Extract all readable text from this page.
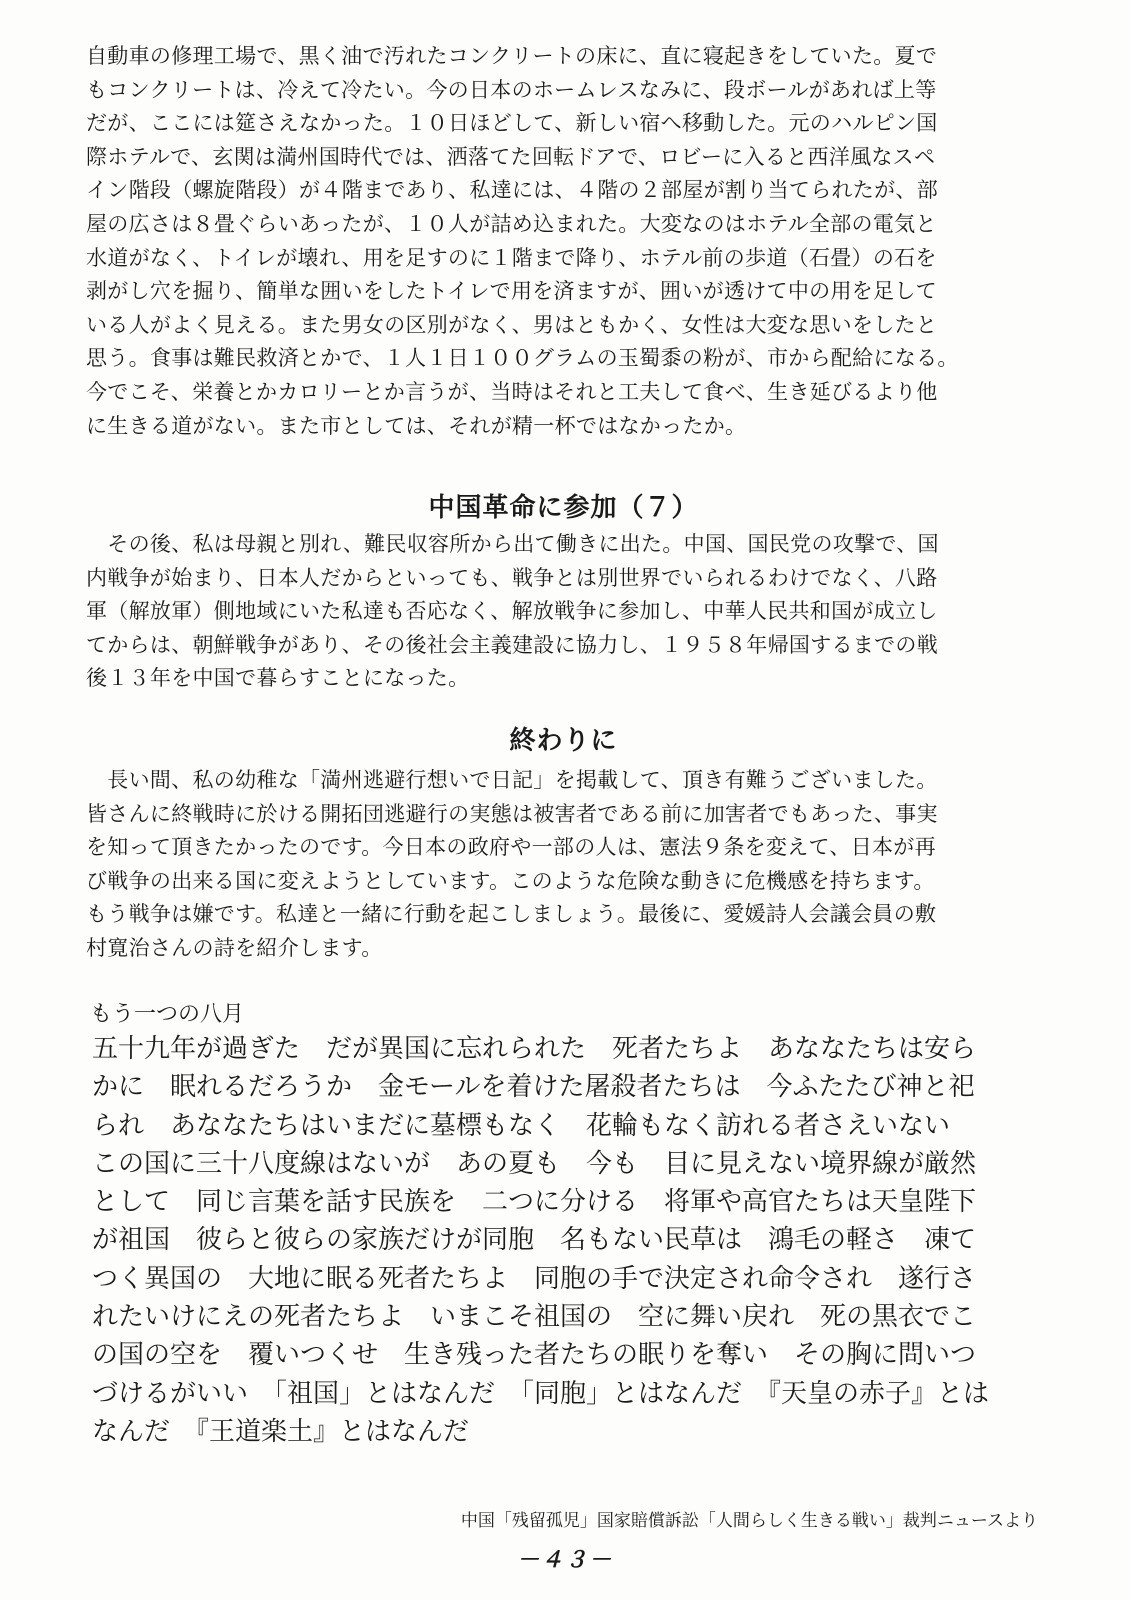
自動車の修理工場で、黒く油で汚れたコンクリートの床に、直に寝起きをしていた。夏で
もコンクリートは、冷えて冷たい。今の日本のホームレスなみに、段ボールがあれば上等
だが、ここには筵さえなかった。１０日ほどして、新しい宿へ移動した。元のハルピン国
際ホテルで、玄関は満州国時代では、洒落てた回転ドアで、ロビーに入ると西洋風なスペ
イン階段（螺旋階段）が４階まであり、私達には、４階の２部屋が割り当てられたが、部
屋の広さは８畳ぐらいあったが、１０人が詰め込まれた。大変なのはホテル全部の電気と
水道がなく、トイレが壊れ、用を足すのに１階まで降り、ホテル前の歩道（石畳）の石を
剥がし穴を掘り、簡単な囲いをしたトイレで用を済ますが、囲いが透けて中の用を足して
いる人がよく見える。また男女の区別がなく、男はともかく、女性は大変な思いをしたと
思う。食事は難民救済とかで、１人１日１００グラムの玉蜀黍の粉が、市から配給になる。
今でこそ、栄養とかカロリーとか言うが、当時はそれと工夫して食べ、生き延びるより他
に生きる道がない。また市としては、それが精一杯ではなかったか。
中国革命に参加（７）
　その後、私は母親と別れ、難民収容所から出て働きに出た。中国、国民党の攻撃で、国
内戦争が始まり、日本人だからといっても、戦争とは別世界でいられるわけでなく、八路
軍（解放軍）側地域にいた私達も否応なく、解放戦争に参加し、中華人民共和国が成立し
てからは、朝鮮戦争があり、その後社会主義建設に協力し、１９５８年帰国するまでの戦
後１３年を中国で暮らすことになった。
終わりに
　長い間、私の幼稚な「満州逃避行想いで日記」を掲載して、頂き有難うございました。
皆さんに終戦時に於ける開拓団逃避行の実態は被害者である前に加害者でもあった、事実
を知って頂きたかったのです。今日本の政府や一部の人は、憲法９条を変えて、日本が再
び戦争の出来る国に変えようとしています。このような危険な動きに危機感を持ちます。
もう戦争は嫌です。私達と一緒に行動を起こしましょう。最後に、愛媛詩人会議会員の敷
村寛治さんの詩を紹介します。

もう一つの八月

五十九年が過ぎた　だが異国に忘れられた　死者たちよ　あななたちは安ら
かに　眠れるだろうか　金モールを着けた屠殺者たちは　今ふたたび神と祀
られ　あななたちはいまだに墓標もなく　花輪もなく訪れる者さえいない
この国に三十八度線はないが　あの夏も　今も　目に見えない境界線が厳然
として　同じ言葉を話す民族を　二つに分ける　将軍や高官たちは天皇陛下
が祖国　彼らと彼らの家族だけが同胞　名もない民草は　鴻毛の軽さ　凍て
つく異国の　大地に眠る死者たちよ　同胞の手で決定され命令され　遂行さ
れたいけにえの死者たちよ　いまこそ祖国の　空に舞い戻れ　死の黒衣でこ
の国の空を　覆いつくせ　生き残った者たちの眠りを奪い　その胸に問いつ
づけるがいい　「祖国」とはなんだ　「同胞」とはなんだ　『天皇の赤子』とは
なんだ　『王道楽土』とはなんだ

中国「残留孤児」国家賠償訴訟「人間らしく生きる戦い」裁判ニュースより

－４３－
